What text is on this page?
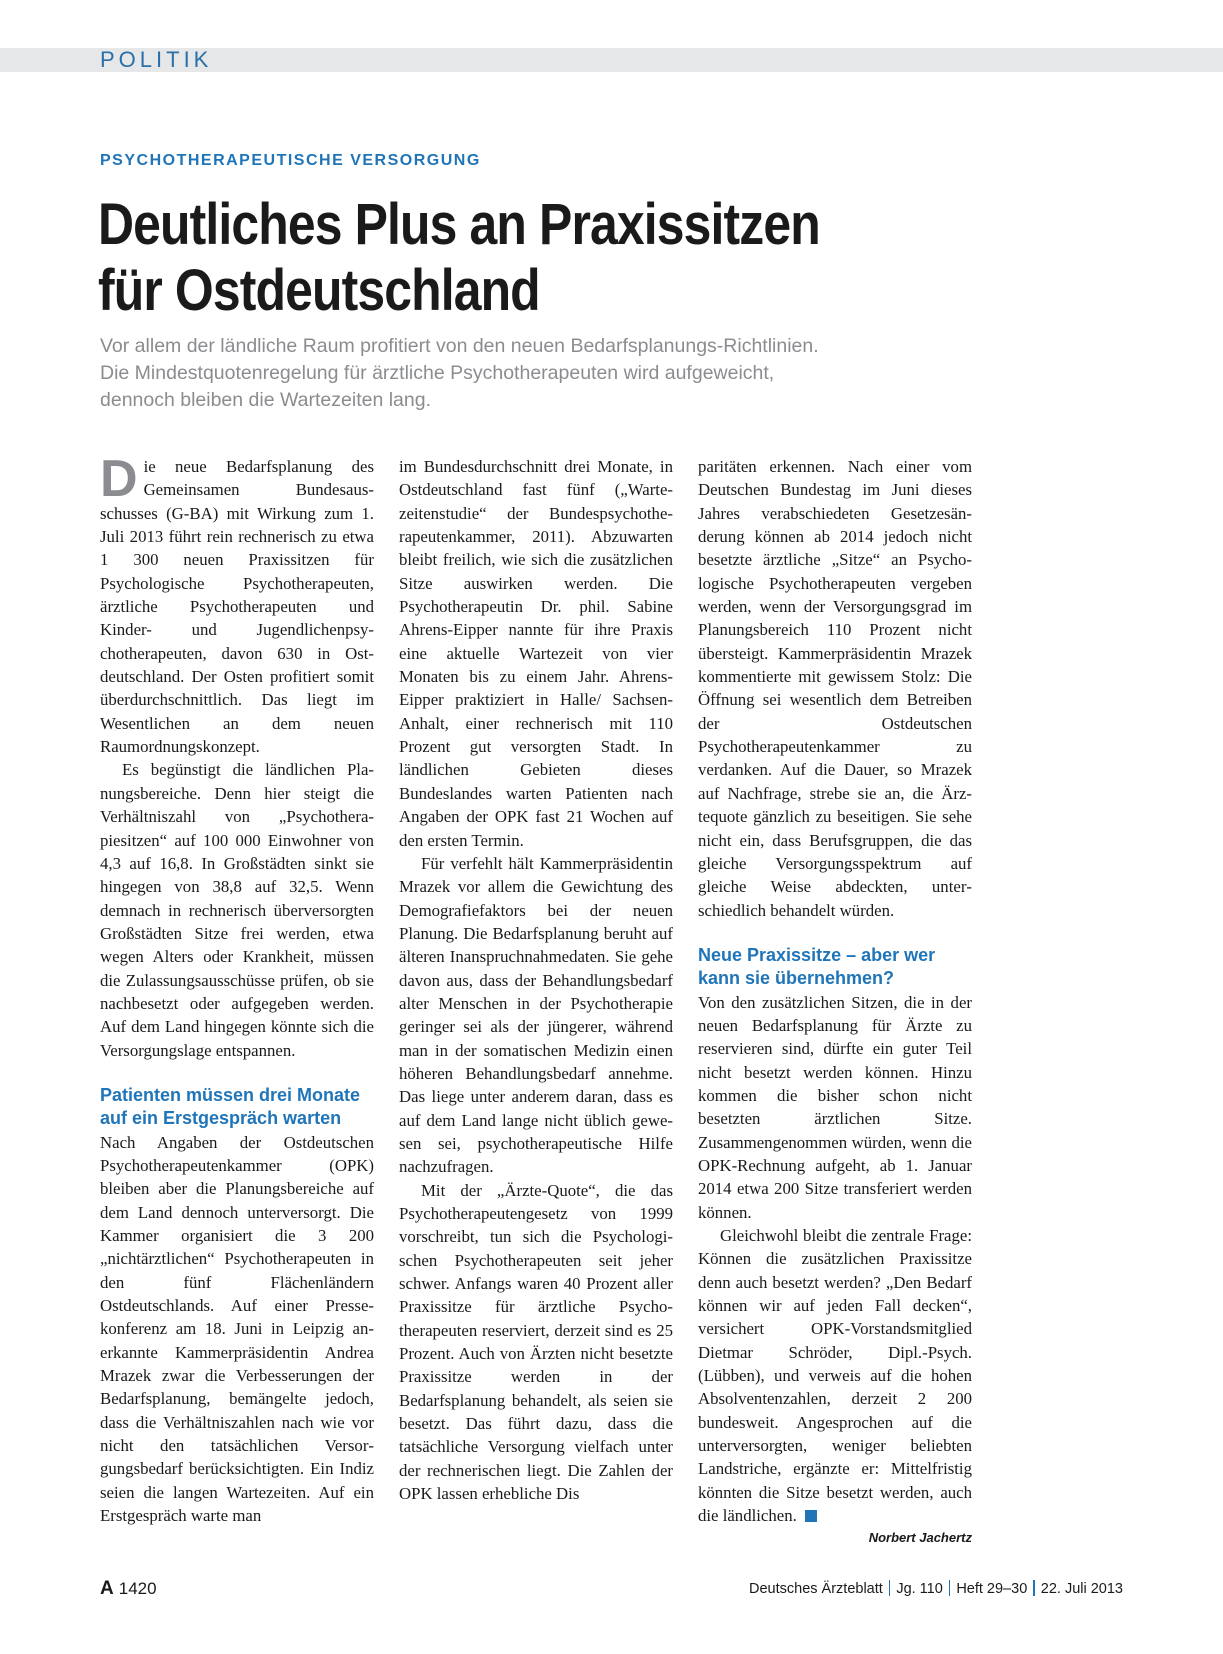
POLITIK
PSYCHOTHERAPEUTISCHE VERSORGUNG
Deutliches Plus an Praxissitzen
für Ostdeutschland
Vor allem der ländliche Raum profitiert von den neuen Bedarfsplanungs-Richtlinien.
Die Mindestquotenregelung für ärztliche Psychotherapeuten wird aufgeweicht,
dennoch bleiben die Wartezeiten lang.

Die neue Bedarfsplanung des Gemeinsamen Bundesausschusses (G-BA) mit Wirkung zum 1. Juli 2013 führt rein rechnerisch zu etwa 1 300 neuen Praxissitzen für Psychologische Psychotherapeuten, ärztliche Psychotherapeuten und Kinder- und Jugendlichenpsychotherapeuten, davon 630 in Ostdeutschland. Der Osten profitiert somit überdurchschnittlich. Das liegt im Wesentlichen an dem neuen Raumordnungskonzept.

Es begünstigt die ländlichen Planungsbereiche. Denn hier steigt die Verhältniszahl von „Psychotherapiesitzen“ auf 100 000 Einwohner von 4,3 auf 16,8. In Großstädten sinkt sie hingegen von 38,8 auf 32,5. Wenn demnach in rechnerisch überversorgten Großstädten Sitze frei werden, etwa wegen Alters oder Krankheit, müssen die Zulassungsausschüsse prüfen, ob sie nachbesetzt oder aufgegeben werden. Auf dem Land hingegen könnte sich die Versorgungslage entspannen.

Patienten müssen drei Monate auf ein Erstgespräch warten

Nach Angaben der Ostdeutschen Psychotherapeutenkammer (OPK) bleiben aber die Planungsbereiche auf dem Land dennoch unterversorgt. Die Kammer organisiert die 3 200 „nichtärztlichen“ Psychotherapeuten in den fünf Flächenländern Ostdeutschlands. Auf einer Pressekonferenz am 18. Juni in Leipzig anerkannte Kammerpräsidentin Andrea Mrazek zwar die Verbesserungen der Bedarfsplanung, bemängelte jedoch, dass die Verhältniszahlen nach wie vor nicht den tatsächlichen Versorgungsbedarf berücksichtigten. Ein Indiz seien die langen Wartezeiten. Auf ein Erstgespräch warte man

im Bundesdurchschnitt drei Monate, in Ostdeutschland fast fünf („Wartezeitenstudie“ der Bundespsychotherapeutenkammer, 2011). Abzuwarten bleibt freilich, wie sich die zusätzlichen Sitze auswirken werden. Die Psychotherapeutin Dr. phil. Sabine Ahrens-Eipper nannte für ihre Praxis eine aktuelle Wartezeit von vier Monaten bis zu einem Jahr. Ahrens-Eipper praktiziert in Halle/ Sachsen-Anhalt, einer rechnerisch mit 110 Prozent gut versorgten Stadt. In ländlichen Gebieten dieses Bundeslandes warten Patienten nach Angaben der OPK fast 21 Wochen auf den ersten Termin.

Für verfehlt hält Kammerpräsidentin Mrazek vor allem die Gewichtung des Demografiefaktors bei der neuen Planung. Die Bedarfsplanung beruht auf älteren Inanspruchnahmedaten. Sie gehe davon aus, dass der Behandlungsbedarf alter Menschen in der Psychotherapie geringer sei als der jüngerer, während man in der somatischen Medizin einen höheren Behandlungsbedarf annehme. Das liege unter anderem daran, dass es auf dem Land lange nicht üblich gewesen sei, psychotherapeutische Hilfe nachzufragen.

Mit der „Ärzte-Quote“, die das Psychotherapeutengesetz von 1999 vorschreibt, tun sich die Psychologischen Psychotherapeuten seit jeher schwer. Anfangs waren 40 Prozent aller Praxissitze für ärztliche Psychotherapeuten reserviert, derzeit sind es 25 Prozent. Auch von Ärzten nicht besetzte Praxissitze werden in der Bedarfsplanung behandelt, als seien sie besetzt. Das führt dazu, dass die tatsächliche Versorgung vielfach unter der rechnerischen liegt. Die Zahlen der OPK lassen erhebliche Dis

paritäten erkennen. Nach einer vom Deutschen Bundestag im Juni dieses Jahres verabschiedeten Gesetzesänderung können ab 2014 jedoch nicht besetzte ärztliche „Sitze“ an Psychologische Psychotherapeuten vergeben werden, wenn der Versorgungsgrad im Planungsbereich 110 Prozent nicht übersteigt. Kammerpräsidentin Mrazek kommentierte mit gewissem Stolz: Die Öffnung sei wesentlich dem Betreiben der Ostdeutschen Psychotherapeutenkammer zu verdanken. Auf die Dauer, so Mrazek auf Nachfrage, strebe sie an, die Ärztequote gänzlich zu beseitigen. Sie sehe nicht ein, dass Berufsgruppen, die das gleiche Versorgungsspektrum auf gleiche Weise abdeckten, unterschiedlich behandelt würden.

Neue Praxissitze – aber wer kann sie übernehmen?

Von den zusätzlichen Sitzen, die in der neuen Bedarfsplanung für Ärzte zu reservieren sind, dürfte ein guter Teil nicht besetzt werden können. Hinzu kommen die bisher schon nicht besetzten ärztlichen Sitze. Zusammengenommen würden, wenn die OPK-Rechnung aufgeht, ab 1. Januar 2014 etwa 200 Sitze transferiert werden können.

Gleichwohl bleibt die zentrale Frage: Können die zusätzlichen Praxissitze denn auch besetzt werden? „Den Bedarf können wir auf jeden Fall decken“, versichert OPK-Vorstandsmitglied Dietmar Schröder, Dipl.-Psych. (Lübben), und verweis auf die hohen Absolventenzahlen, derzeit 2 200 bundesweit. Angesprochen auf die unterversorgten, weniger beliebten Landstriche, ergänzte er: Mittelfristig könnten die Sitze besetzt werden, auch die ländlichen.

Norbert Jachertz
A 1420	Deutsches Ärzteblatt Jg. 110 Heft 29–30 22. Juli 2013
